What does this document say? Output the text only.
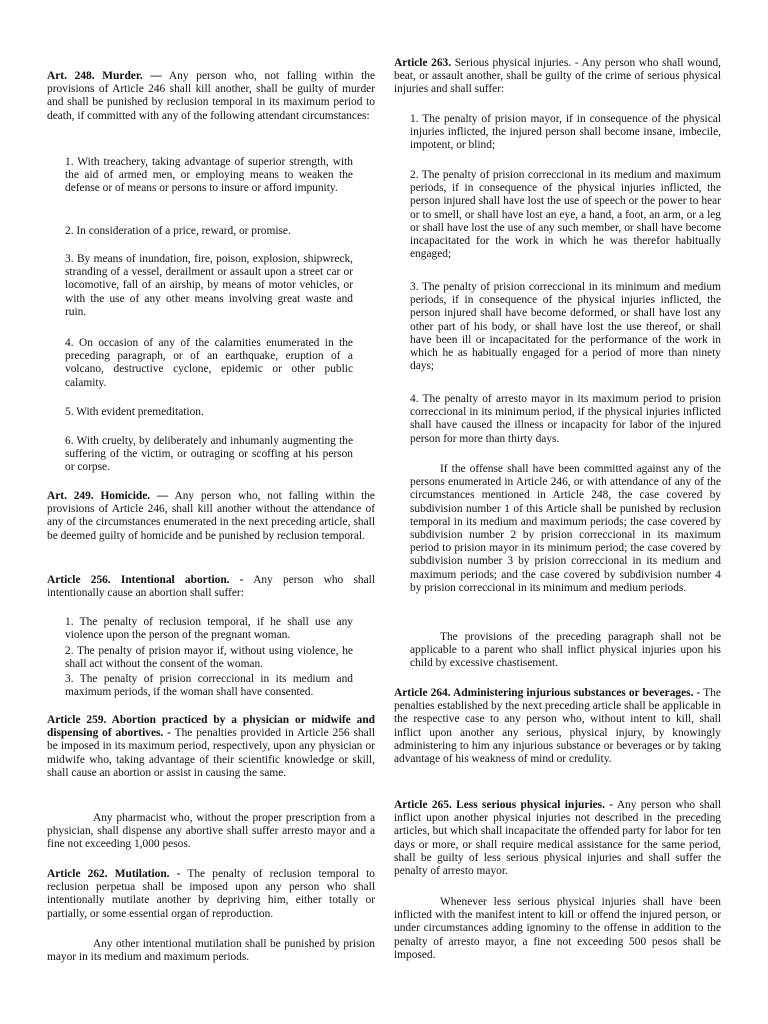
Art. 248. Murder. — Any person who, not falling within the provisions of Article 246 shall kill another, shall be guilty of murder and shall be punished by reclusion temporal in its maximum period to death, if committed with any of the following attendant circumstances:

1. With treachery, taking advantage of superior strength, with the aid of armed men, or employing means to weaken the defense or of means or persons to insure or afford impunity.

2. In consideration of a price, reward, or promise.

3. By means of inundation, fire, poison, explosion, shipwreck, stranding of a vessel, derailment or assault upon a street car or locomotive, fall of an airship, by means of motor vehicles, or with the use of any other means involving great waste and ruin.

4. On occasion of any of the calamities enumerated in the preceding paragraph, or of an earthquake, eruption of a volcano, destructive cyclone, epidemic or other public calamity.

5. With evident premeditation.

6. With cruelty, by deliberately and inhumanly augmenting the suffering of the victim, or outraging or scoffing at his person or corpse.

Art. 249. Homicide. — Any person who, not falling within the provisions of Article 246, shall kill another without the attendance of any of the circumstances enumerated in the next preceding article, shall be deemed guilty of homicide and be punished by reclusion temporal.

Article 256. Intentional abortion. - Any person who shall intentionally cause an abortion shall suffer:

1. The penalty of reclusion temporal, if he shall use any violence upon the person of the pregnant woman.

2. The penalty of prision mayor if, without using violence, he shall act without the consent of the woman.

3. The penalty of prision correccional in its medium and maximum periods, if the woman shall have consented.

Article 259. Abortion practiced by a physician or midwife and dispensing of abortives. - The penalties provided in Article 256 shall be imposed in its maximum period, respectively, upon any physician or midwife who, taking advantage of their scientific knowledge or skill, shall cause an abortion or assist in causing the same.

Any pharmacist who, without the proper prescription from a physician, shall dispense any abortive shall suffer arresto mayor and a fine not exceeding 1,000 pesos.

Article 262. Mutilation. - The penalty of reclusion temporal to reclusion perpetua shall be imposed upon any person who shall intentionally mutilate another by depriving him, either totally or partially, or some essential organ of reproduction.

Any other intentional mutilation shall be punished by prision mayor in its medium and maximum periods.

Article 263. Serious physical injuries. - Any person who shall wound, beat, or assault another, shall be guilty of the crime of serious physical injuries and shall suffer:

1. The penalty of prision mayor, if in consequence of the physical injuries inflicted, the injured person shall become insane, imbecile, impotent, or blind;

2. The penalty of prision correccional in its medium and maximum periods, if in consequence of the physical injuries inflicted, the person injured shall have lost the use of speech or the power to hear or to smell, or shall have lost an eye, a hand, a foot, an arm, or a leg or shall have lost the use of any such member, or shall have become incapacitated for the work in which he was therefor habitually engaged;

3. The penalty of prision correccional in its minimum and medium periods, if in consequence of the physical injuries inflicted, the person injured shall have become deformed, or shall have lost any other part of his body, or shall have lost the use thereof, or shall have been ill or incapacitated for the performance of the work in which he as habitually engaged for a period of more than ninety days;

4. The penalty of arresto mayor in its maximum period to prision correccional in its minimum period, if the physical injuries inflicted shall have caused the illness or incapacity for labor of the injured person for more than thirty days.

If the offense shall have been committed against any of the persons enumerated in Article 246, or with attendance of any of the circumstances mentioned in Article 248, the case covered by subdivision number 1 of this Article shall be punished by reclusion temporal in its medium and maximum periods; the case covered by subdivision number 2 by prision correccional in its maximum period to prision mayor in its minimum period; the case covered by subdivision number 3 by prision correccional in its medium and maximum periods; and the case covered by subdivision number 4 by prision correccional in its minimum and medium periods.

The provisions of the preceding paragraph shall not be applicable to a parent who shall inflict physical injuries upon his child by excessive chastisement.

Article 264. Administering injurious substances or beverages. - The penalties established by the next preceding article shall be applicable in the respective case to any person who, without intent to kill, shall inflict upon another any serious, physical injury, by knowingly administering to him any injurious substance or beverages or by taking advantage of his weakness of mind or credulity.

Article 265. Less serious physical injuries. - Any person who shall inflict upon another physical injuries not described in the preceding articles, but which shall incapacitate the offended party for labor for ten days or more, or shall require medical assistance for the same period, shall be guilty of less serious physical injuries and shall suffer the penalty of arresto mayor.

Whenever less serious physical injuries shall have been inflicted with the manifest intent to kill or offend the injured person, or under circumstances adding ignominy to the offense in addition to the penalty of arresto mayor, a fine not exceeding 500 pesos shall be imposed.
